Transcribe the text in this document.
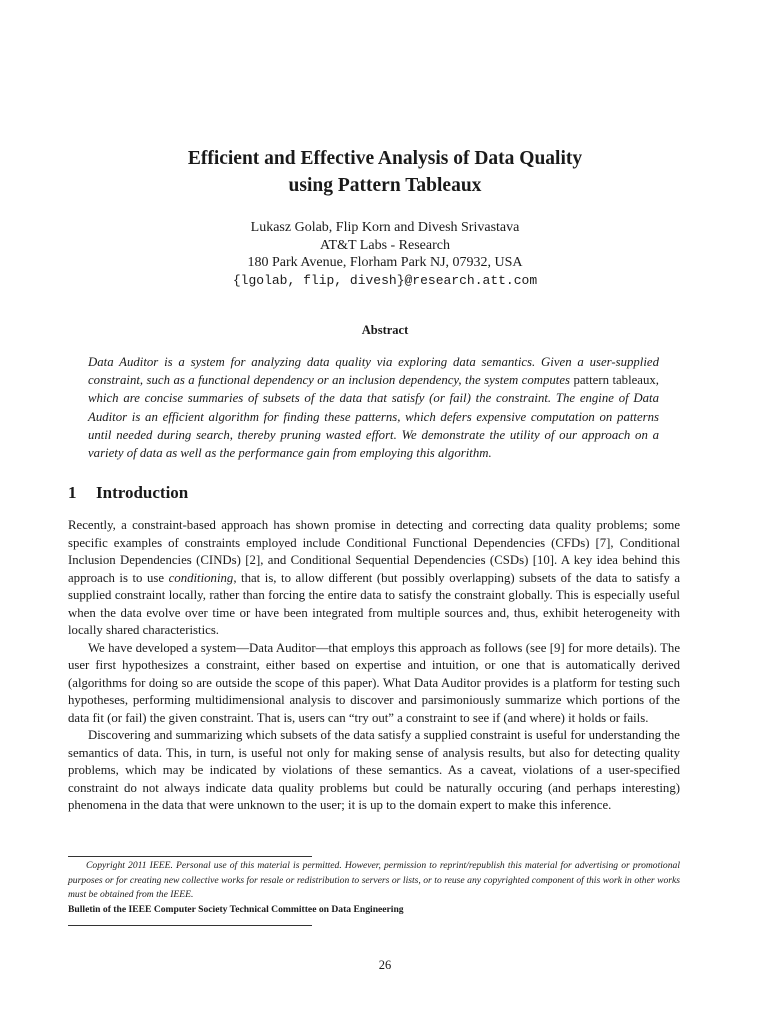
Efficient and Effective Analysis of Data Quality
using Pattern Tableaux
Lukasz Golab, Flip Korn and Divesh Srivastava
AT&T Labs - Research
180 Park Avenue, Florham Park NJ, 07932, USA
{lgolab, flip, divesh}@research.att.com
Abstract

Data Auditor is a system for analyzing data quality via exploring data semantics. Given a user-supplied constraint, such as a functional dependency or an inclusion dependency, the system computes pattern tableaux, which are concise summaries of subsets of the data that satisfy (or fail) the constraint. The engine of Data Auditor is an efficient algorithm for finding these patterns, which defers expensive computation on patterns until needed during search, thereby pruning wasted effort. We demonstrate the utility of our approach on a variety of data as well as the performance gain from employing this algorithm.

1 Introduction

Recently, a constraint-based approach has shown promise in detecting and correcting data quality problems; some specific examples of constraints employed include Conditional Functional Dependencies (CFDs) [7], Conditional Inclusion Dependencies (CINDs) [2], and Conditional Sequential Dependencies (CSDs) [10]. A key idea behind this approach is to use conditioning, that is, to allow different (but possibly overlapping) subsets of the data to satisfy a supplied constraint locally, rather than forcing the entire data to satisfy the constraint globally. This is especially useful when the data evolve over time or have been integrated from multiple sources and, thus, exhibit heterogeneity with locally shared characteristics.

We have developed a system—Data Auditor—that employs this approach as follows (see [9] for more details). The user first hypothesizes a constraint, either based on expertise and intuition, or one that is automatically derived (algorithms for doing so are outside the scope of this paper). What Data Auditor provides is a platform for testing such hypotheses, performing multidimensional analysis to discover and parsimoniously summarize which portions of the data fit (or fail) the given constraint. That is, users can “try out” a constraint to see if (and where) it holds or fails.

Discovering and summarizing which subsets of the data satisfy a supplied constraint is useful for understanding the semantics of data. This, in turn, is useful not only for making sense of analysis results, but also for detecting quality problems, which may be indicated by violations of these semantics. As a caveat, violations of a user-specified constraint do not always indicate data quality problems but could be naturally occuring (and perhaps interesting) phenomena in the data that were unknown to the user; it is up to the domain expert to make this inference.

Copyright 2011 IEEE. Personal use of this material is permitted. However, permission to reprint/republish this material for advertising or promotional purposes or for creating new collective works for resale or redistribution to servers or lists, or to reuse any copyrighted component of this work in other works must be obtained from the IEEE.

Bulletin of the IEEE Computer Society Technical Committee on Data Engineering

26
